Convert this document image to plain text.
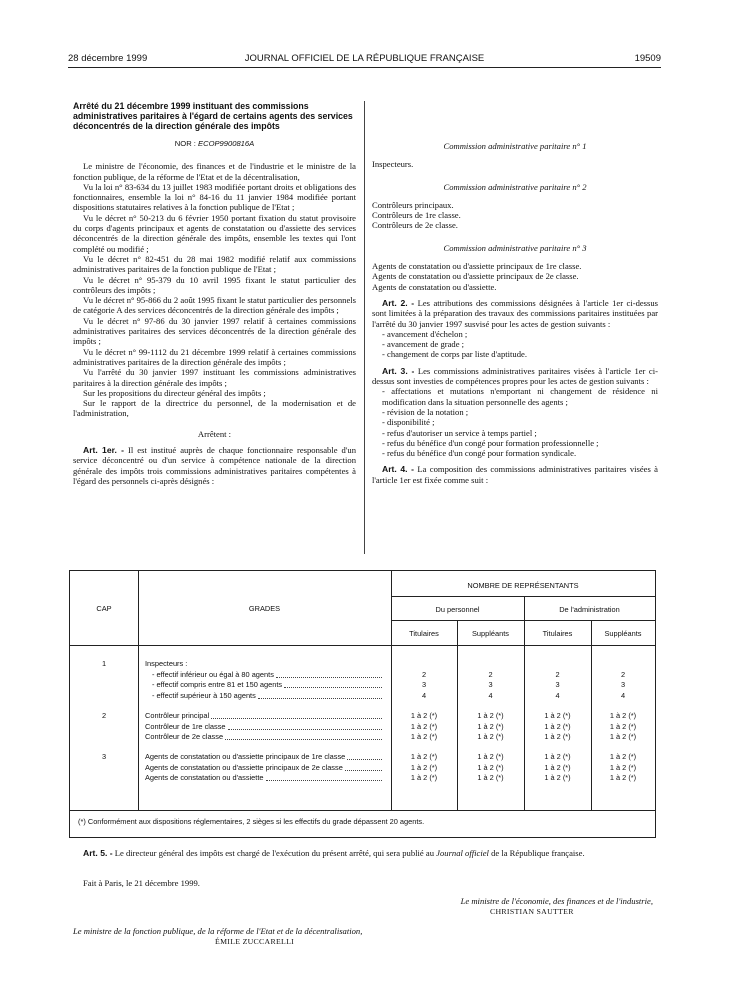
28 décembre 1999	JOURNAL OFFICIEL DE LA RÉPUBLIQUE FRANÇAISE	19509

Arrêté du 21 décembre 1999 instituant des commissions administratives paritaires à l'égard de certains agents des services déconcentrés de la direction générale des impôts

NOR : ECOP9900816A

Le ministre de l'économie, des finances et de l'industrie et le ministre de la fonction publique, de la réforme de l'Etat et de la décentralisation,

Vu la loi n° 83-634 du 13 juillet 1983 modifiée portant droits et obligations des fonctionnaires, ensemble la loi n° 84-16 du 11 janvier 1984 modifiée portant dispositions statutaires relatives à la fonction publique de l'Etat ;

Vu le décret n° 50-213 du 6 février 1950 portant fixation du statut provisoire du corps d'agents principaux et agents de constatation ou d'assiette des services déconcentrés de la direction générale des impôts, ensemble les textes qui l'ont complété ou modifié ;

Vu le décret n° 82-451 du 28 mai 1982 modifié relatif aux commissions administratives paritaires de la fonction publique de l'Etat ;

Vu le décret n° 95-379 du 10 avril 1995 fixant le statut particulier des contrôleurs des impôts ;

Vu le décret n° 95-866 du 2 août 1995 fixant le statut particulier des personnels de catégorie A des services déconcentrés de la direction générale des impôts ;

Vu le décret n° 97-86 du 30 janvier 1997 relatif à certaines commissions administratives paritaires des services déconcentrés de la direction générale des impôts ;

Vu le décret n° 99-1112 du 21 décembre 1999 relatif à certaines commissions administratives paritaires de la direction générale des impôts ;

Vu l'arrêté du 30 janvier 1997 instituant les commissions administratives paritaires à la direction générale des impôts ;

Sur les propositions du directeur général des impôts ;

Sur le rapport de la directrice du personnel, de la modernisation et de l'administration,

Arrêtent :

Art. 1er. - Il est institué auprès de chaque fonctionnaire responsable d'un service déconcentré ou d'un service à compétence nationale de la direction générale des impôts trois commissions administratives paritaires compétentes à l'égard des personnels ci-après désignés :

Commission administrative paritaire n° 1

Inspecteurs.

Commission administrative paritaire n° 2

Contrôleurs principaux.

Contrôleurs de 1re classe.

Contrôleurs de 2e classe.

Commission administrative paritaire n° 3

Agents de constatation ou d'assiette principaux de 1re classe.

Agents de constatation ou d'assiette principaux de 2e classe.

Agents de constatation ou d'assiette.

Art. 2. - Les attributions des commissions désignées à l'article 1er ci-dessus sont limitées à la préparation des travaux des commissions paritaires instituées par l'arrêté du 30 janvier 1997 susvisé pour les actes de gestion suivants :

- avancement d'échelon ;

- avancement de grade ;

- changement de corps par liste d'aptitude.

Art. 3. - Les commissions administratives paritaires visées à l'article 1er ci-dessus sont investies de compétences propres pour les actes de gestion suivants :

- affectations et mutations n'emportant ni changement de résidence ni modification dans la situation personnelle des agents ;

- révision de la notation ;

- disponibilité ;

- refus d'autoriser un service à temps partiel ;

- refus du bénéfice d'un congé pour formation professionnelle ;

- refus du bénéfice d'un congé pour formation syndicale.

Art. 4. - La composition des commissions administratives paritaires visées à l'article 1er est fixée comme suit :

CAP	GRADES
NOMBRE DE REPRÉSENTANTS
Du personnel	De l'administration
Titulaires	Suppléants	Titulaires	Suppléants
1	Inspecteurs :
- effectif inférieur ou égal à 80 agents	2	2	2	2
- effectif compris entre 81 et 150 agents	3	3	3	3
- effectif supérieur à 150 agents	4	4	4	4
2	Contrôleur principal	1 à 2 (*)	1 à 2 (*)	1 à 2 (*)	1 à 2 (*)
Contrôleur de 1re classe	1 à 2 (*)	1 à 2 (*)	1 à 2 (*)	1 à 2 (*)
Contrôleur de 2e classe	1 à 2 (*)	1 à 2 (*)	1 à 2 (*)	1 à 2 (*)
3	Agents de constatation ou d'assiette principaux de 1re classe	1 à 2 (*)	1 à 2 (*)	1 à 2 (*)	1 à 2 (*)
Agents de constatation ou d'assiette principaux de 2e classe	1 à 2 (*)	1 à 2 (*)	1 à 2 (*)	1 à 2 (*)
Agents de constatation ou d'assiette	1 à 2 (*)	1 à 2 (*)	1 à 2 (*)	1 à 2 (*)
(*) Conformément aux dispositions réglementaires, 2 sièges si les effectifs du grade dépassent 20 agents.
Art. 5. - Le directeur général des impôts est chargé de l'exécution du présent arrêté, qui sera publié au Journal officiel de la République française.
Fait à Paris, le 21 décembre 1999.
Le ministre de l'économie, des finances et de l'industrie,
CHRISTIAN SAUTTER
Le ministre de la fonction publique, de la réforme de l'Etat et de la décentralisation,
ÉMILE ZUCCARELLI
